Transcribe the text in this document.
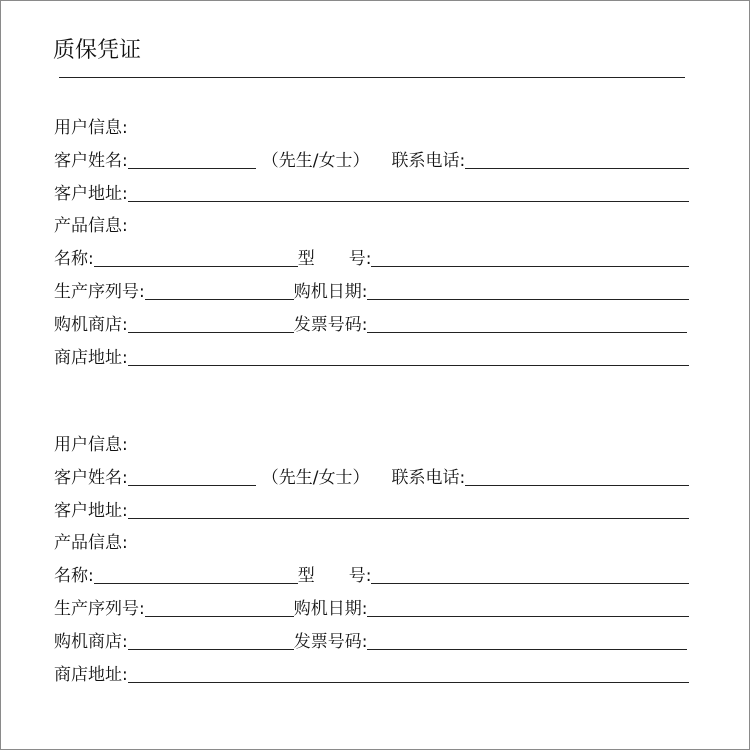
质保凭证
用户信息:
客户姓名:	（先生/女士） 联系电话:
客户地址:
产品信息:
名称:	型 号:
生产序列号:	购机日期:
购机商店:	发票号码:
商店地址:
用户信息:
客户姓名:	（先生/女士） 联系电话:
客户地址:
产品信息:
名称:	型 号:
生产序列号:	购机日期:
购机商店:	发票号码:
商店地址:
